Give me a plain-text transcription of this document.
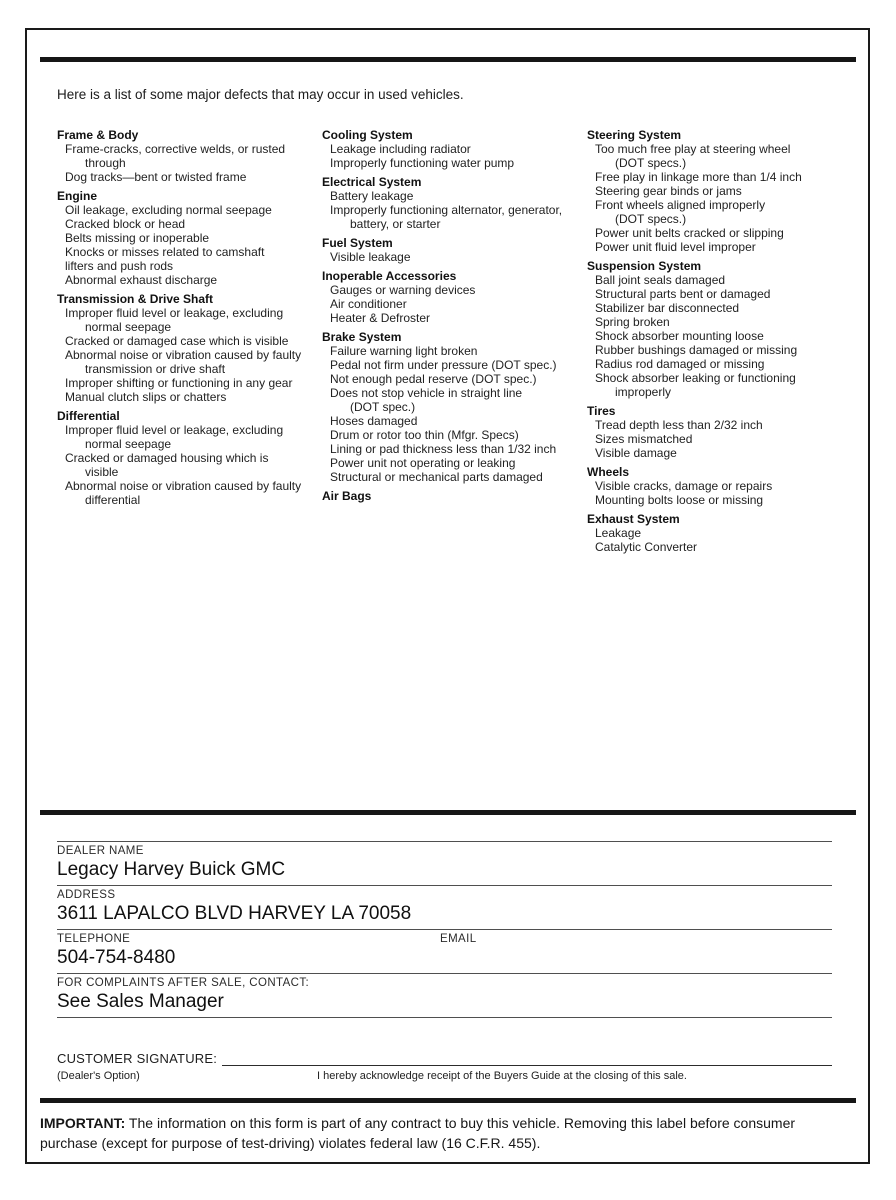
Here is a list of some major defects that may occur in used vehicles.

Frame & Body
Frame-cracks, corrective welds, or rusted
through
Dog tracks—bent or twisted frame
Engine
Oil leakage, excluding normal seepage
Cracked block or head
Belts missing or inoperable
Knocks or misses related to camshaft
lifters and push rods
Abnormal exhaust discharge
Transmission & Drive Shaft
Improper fluid level or leakage, excluding
normal seepage
Cracked or damaged case which is visible
Abnormal noise or vibration caused by faulty
transmission or drive shaft
Improper shifting or functioning in any gear
Manual clutch slips or chatters
Differential
Improper fluid level or leakage, excluding
normal seepage
Cracked or damaged housing which is
visible
Abnormal noise or vibration caused by faulty
differential
Cooling System
Leakage including radiator
Improperly functioning water pump
Electrical System
Battery leakage
Improperly functioning alternator, generator,
battery, or starter
Fuel System
Visible leakage
Inoperable Accessories
Gauges or warning devices
Air conditioner
Heater & Defroster
Brake System
Failure warning light broken
Pedal not firm under pressure (DOT spec.)
Not enough pedal reserve (DOT spec.)
Does not stop vehicle in straight line
(DOT spec.)
Hoses damaged
Drum or rotor too thin (Mfgr. Specs)
Lining or pad thickness less than 1/32 inch
Power unit not operating or leaking
Structural or mechanical parts damaged
Air Bags
Steering System
Too much free play at steering wheel
(DOT specs.)
Free play in linkage more than 1/4 inch
Steering gear binds or jams
Front wheels aligned improperly
(DOT specs.)
Power unit belts cracked or slipping
Power unit fluid level improper
Suspension System
Ball joint seals damaged
Structural parts bent or damaged
Stabilizer bar disconnected
Spring broken
Shock absorber mounting loose
Rubber bushings damaged or missing
Radius rod damaged or missing
Shock absorber leaking or functioning
improperly
Tires
Tread depth less than 2/32 inch
Sizes mismatched
Visible damage
Wheels
Visible cracks, damage or repairs
Mounting bolts loose or missing
Exhaust System
Leakage
Catalytic Converter
DEALER NAME
Legacy Harvey Buick GMC
ADDRESS
3611 LAPALCO BLVD HARVEY LA 70058
TELEPHONE	EMAIL
504-754-8480
FOR COMPLAINTS AFTER SALE, CONTACT:
See Sales Manager
CUSTOMER SIGNATURE:
(Dealer's Option)	I hereby acknowledge receipt of the Buyers Guide at the closing of this sale.

IMPORTANT: The information on this form is part of any contract to buy this vehicle. Removing this label before consumer purchase (except for purpose of test-driving) violates federal law (16 C.F.R. 455).
